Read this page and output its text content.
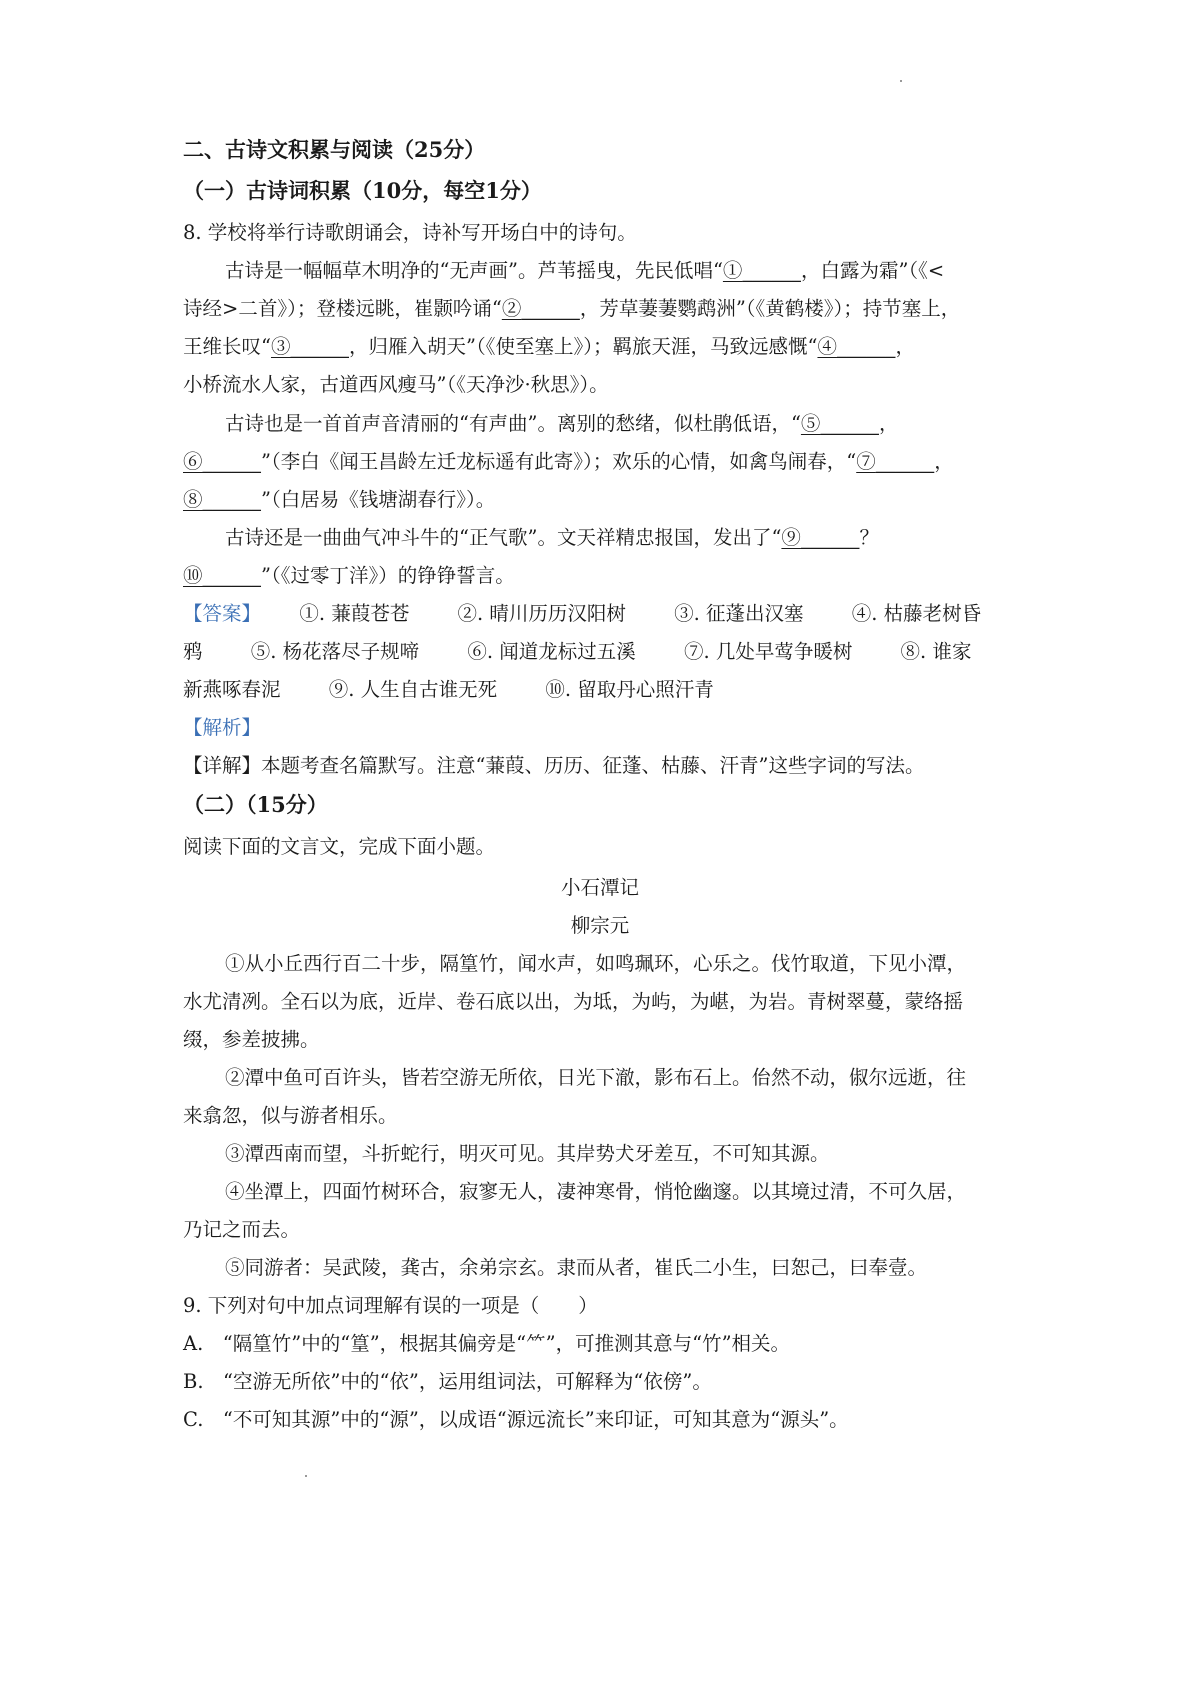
二、古诗文积累与阅读（25分）
（一）古诗词积累（10分，每空1分）
8. 学校将举行诗歌朗诵会，诗补写开场白中的诗句。
古诗是一幅幅草木明净的“无声画”。芦苇摇曳，先民低唱“①______，白露为霜”（《<
诗经>二首》）；登楼远眺，崔颢吟诵“②______，芳草萋萋鹦鹉洲”（《黄鹤楼》）；持节塞上，
王维长叹“③______，归雁入胡天”（《使至塞上》）；羁旅天涯，马致远感慨“④______，
小桥流水人家，古道西风瘦马”（《天净沙·秋思》）。
古诗也是一首首声音清丽的“有声曲”。离别的愁绪，似杜鹃低语，“⑤______，
⑥______”（李白《闻王昌龄左迁龙标遥有此寄》）；欢乐的心情，如禽鸟闹春，“⑦______，
⑧______”（白居易《钱塘湖春行》）。
古诗还是一曲曲气冲斗牛的“正气歌”。文天祥精忠报国，发出了“⑨______？
⑩______”（《过零丁洋》）的铮铮誓言。
【答案】 ①. 蒹葭苍苍 ②. 晴川历历汉阳树 ③. 征蓬出汉塞 ④. 枯藤老树昏
鸦 ⑤. 杨花落尽子规啼 ⑥. 闻道龙标过五溪 ⑦. 几处早莺争暖树 ⑧. 谁家
新燕啄春泥 ⑨. 人生自古谁无死 ⑩. 留取丹心照汗青
【解析】
【详解】本题考查名篇默写。注意“蒹葭、历历、征蓬、枯藤、汗青”这些字词的写法。
（二）（15分）
阅读下面的文言文，完成下面小题。
小石潭记
柳宗元
①从小丘西行百二十步，隔篁竹，闻水声，如鸣珮环，心乐之。伐竹取道，下见小潭，
水尤清冽。全石以为底，近岸、卷石底以出，为坻，为屿，为嵁，为岩。青树翠蔓，蒙络摇
缀，参差披拂。
②潭中鱼可百许头，皆若空游无所依，日光下澈，影布石上。佁然不动，俶尔远逝，往
来翕忽，似与游者相乐。
③潭西南而望，斗折蛇行，明灭可见。其岸势犬牙差互，不可知其源。
④坐潭上，四面竹树环合，寂寥无人，凄神寒骨，悄怆幽邃。以其境过清，不可久居，
乃记之而去。
⑤同游者：吴武陵，龚古，余弟宗玄。隶而从者，崔氏二小生，曰恕己，曰奉壹。
9. 下列对句中加点词理解有误的一项是（　　）
A.　“隔篁竹”中的“篁”，根据其偏旁是“⺮”，可推测其意与“竹”相关。
B.　“空游无所依”中的“依”，运用组词法，可解释为“依傍”。
C.　“不可知其源”中的“源”，以成语“源远流长”来印证，可知其意为“源头”。
